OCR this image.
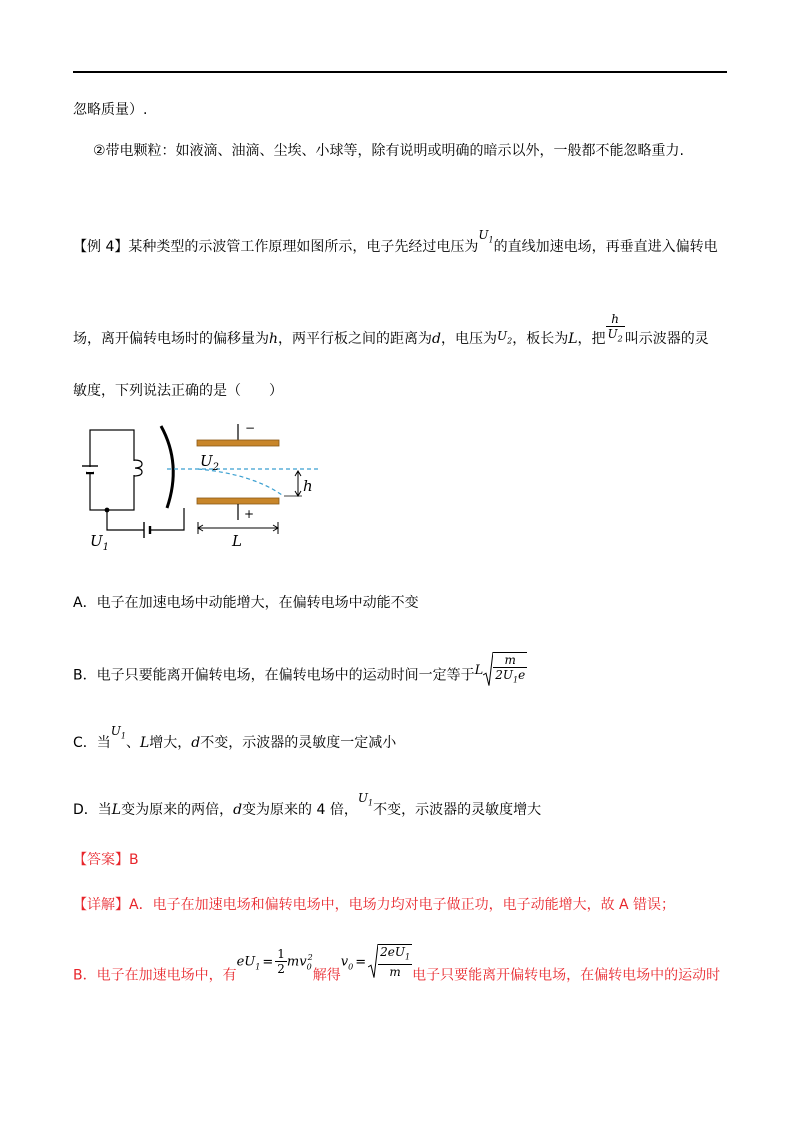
忽略质量）.
②带电颗粒：如液滴、油滴、尘埃、小球等，除有说明或明确的暗示以外，一般都不能忽略重力.
【例 4】某种类型的示波管工作原理如图所示，电子先经过电压为$U_1$的直线加速电场，再垂直进入偏转电
场，离开偏转电场时的偏移量为h，两平行板之间的距离为d，电压为$U_2$，板长为L，把 $\frac{h}{U_2}$ 叫示波器的灵
敏度，下列说法正确的是（　　）
−
+
$U_2$
h
L
$U_1$
A．电子在加速电场中动能增大，在偏转电场中动能不变
B．电子只要能离开偏转电场，在偏转电场中的运动时间一定等于L $\frac{m}{2U_1e}$
C．当$U_1$、L增大，d不变，示波器的灵敏度一定减小
D．当L变为原来的两倍，d变为原来的 4 倍，$U_1$不变，示波器的灵敏度增大
【答案】B
【详解】A．电子在加速电场和偏转电场中，电场力均对电子做正功，电子动能增大，故 A 错误；
B．电子在加速电场中，有$eU_1 = \frac{1}{2} mv_0^2$解得$v_0 = \frac{2eU_1}{m}$ 电子只要能离开偏转电场，在偏转电场中的运动时
